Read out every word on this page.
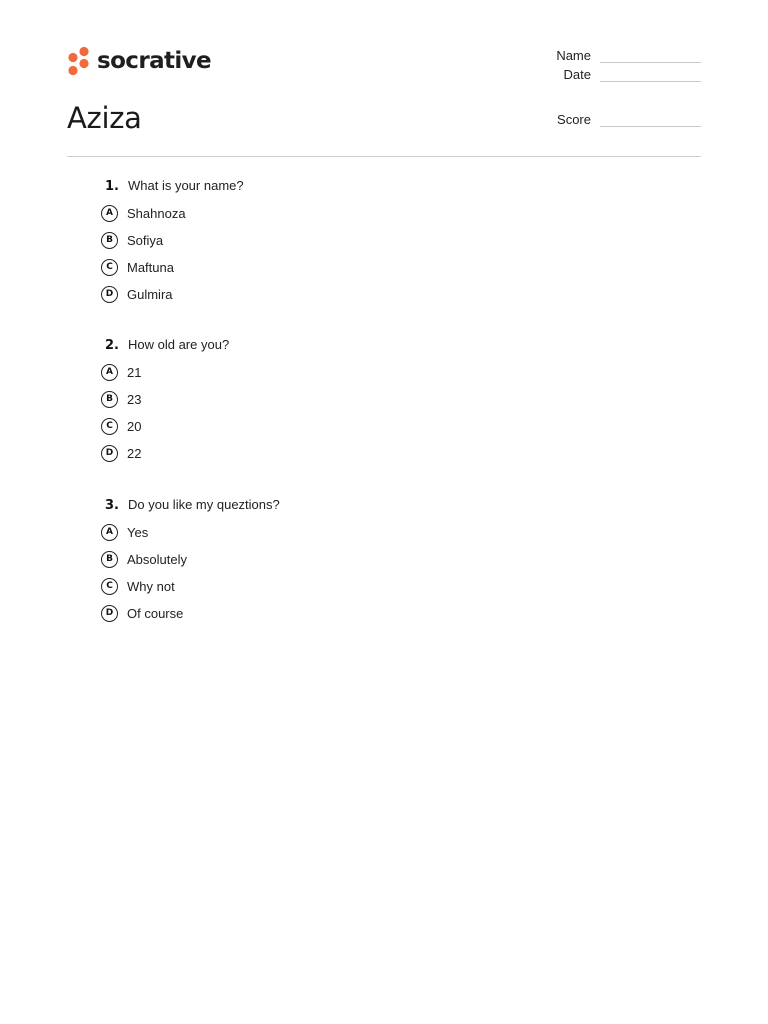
socrative
Aziza
Name
Date
Score
1. What is your name?
A	Shahnoza
B	Sofiya
C	Maftuna
D	Gulmira
2. How old are you?
A	21
B	23
C	20
D	22
3. Do you like my queztions?
A	Yes
B	Absolutely
C	Why not
D	Of course
